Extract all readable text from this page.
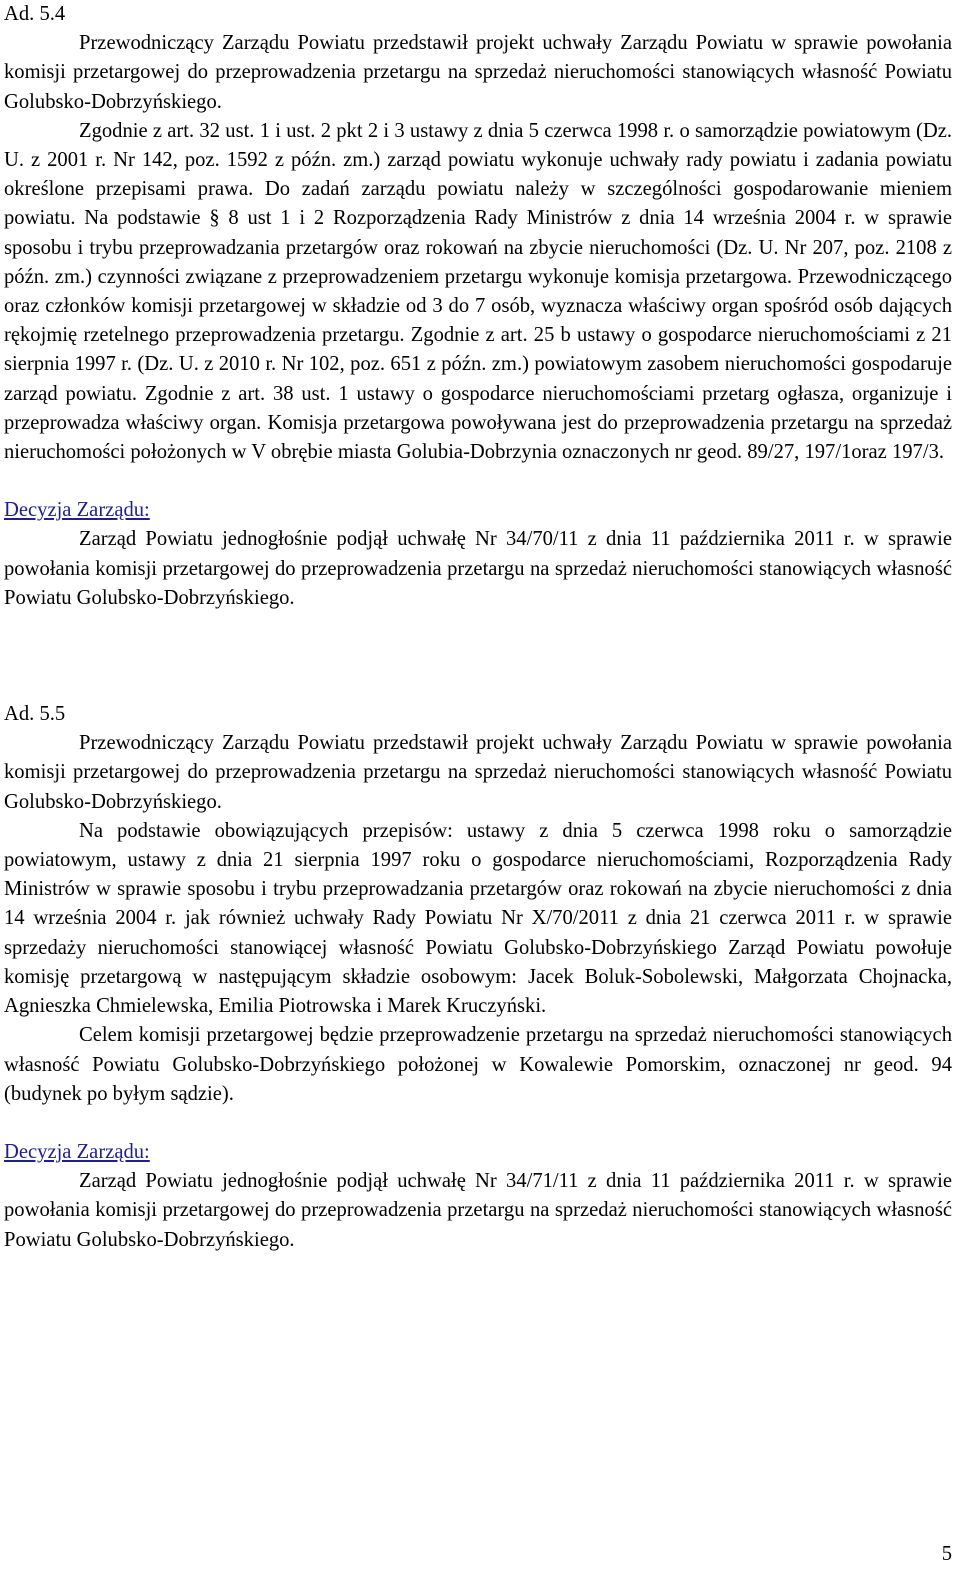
Ad. 5.4

Przewodniczący Zarządu Powiatu przedstawił projekt uchwały Zarządu Powiatu w sprawie powołania komisji przetargowej do przeprowadzenia przetargu na sprzedaż nieruchomości stanowiących własność Powiatu Golubsko-Dobrzyńskiego.

Zgodnie z art. 32 ust. 1 i ust. 2 pkt 2 i 3 ustawy z dnia 5 czerwca 1998 r. o samorządzie powiatowym (Dz. U. z 2001 r. Nr 142, poz. 1592 z późn. zm.) zarząd powiatu wykonuje uchwały rady powiatu i zadania powiatu określone przepisami prawa. Do zadań zarządu powiatu należy w szczególności gospodarowanie mieniem powiatu. Na podstawie § 8 ust 1 i 2 Rozporządzenia Rady Ministrów z dnia 14 września 2004 r. w sprawie sposobu i trybu przeprowadzania przetargów oraz rokowań na zbycie nieruchomości (Dz. U. Nr 207, poz. 2108 z późn. zm.) czynności związane z przeprowadzeniem przetargu wykonuje komisja przetargowa. Przewodniczącego oraz członków komisji przetargowej w składzie od 3 do 7 osób, wyznacza właściwy organ spośród osób dających rękojmię rzetelnego przeprowadzenia przetargu. Zgodnie z art. 25 b ustawy o gospodarce nieruchomościami z 21 sierpnia 1997 r. (Dz. U. z 2010 r. Nr 102, poz. 651 z późn. zm.) powiatowym zasobem nieruchomości gospodaruje zarząd powiatu. Zgodnie z art. 38 ust. 1 ustawy o gospodarce nieruchomościami przetarg ogłasza, organizuje i przeprowadza właściwy organ. Komisja przetargowa powoływana jest do przeprowadzenia przetargu na sprzedaż nieruchomości położonych w V obrębie miasta Golubia-Dobrzynia oznaczonych nr geod. 89/27, 197/1oraz 197/3.

Decyzja Zarządu:

Zarząd Powiatu jednogłośnie podjął uchwałę Nr 34/70/11 z dnia 11 października 2011 r. w sprawie powołania komisji przetargowej do przeprowadzenia przetargu na sprzedaż nieruchomości stanowiących własność Powiatu Golubsko-Dobrzyńskiego.

Ad. 5.5

Przewodniczący Zarządu Powiatu przedstawił projekt uchwały Zarządu Powiatu w sprawie powołania komisji przetargowej do przeprowadzenia przetargu na sprzedaż nieruchomości stanowiących własność Powiatu Golubsko-Dobrzyńskiego.

Na podstawie obowiązujących przepisów: ustawy z dnia 5 czerwca 1998 roku o samorządzie powiatowym, ustawy z dnia 21 sierpnia 1997 roku o gospodarce nieruchomościami, Rozporządzenia Rady Ministrów w sprawie sposobu i trybu przeprowadzania przetargów oraz rokowań na zbycie nieruchomości z dnia 14 września 2004 r. jak również uchwały Rady Powiatu Nr X/70/2011 z dnia 21 czerwca 2011 r. w sprawie sprzedaży nieruchomości stanowiącej własność Powiatu Golubsko-Dobrzyńskiego Zarząd Powiatu powołuje komisję przetargową w następującym składzie osobowym: Jacek Boluk-Sobolewski, Małgorzata Chojnacka, Agnieszka Chmielewska, Emilia Piotrowska i Marek Kruczyński.

Celem komisji przetargowej będzie przeprowadzenie przetargu na sprzedaż nieruchomości stanowiących własność Powiatu Golubsko-Dobrzyńskiego położonej w Kowalewie Pomorskim, oznaczonej nr geod. 94 (budynek po byłym sądzie).

Decyzja Zarządu:

Zarząd Powiatu jednogłośnie podjął uchwałę Nr 34/71/11 z dnia 11 października 2011 r. w sprawie powołania komisji przetargowej do przeprowadzenia przetargu na sprzedaż nieruchomości stanowiących własność Powiatu Golubsko-Dobrzyńskiego.

5
